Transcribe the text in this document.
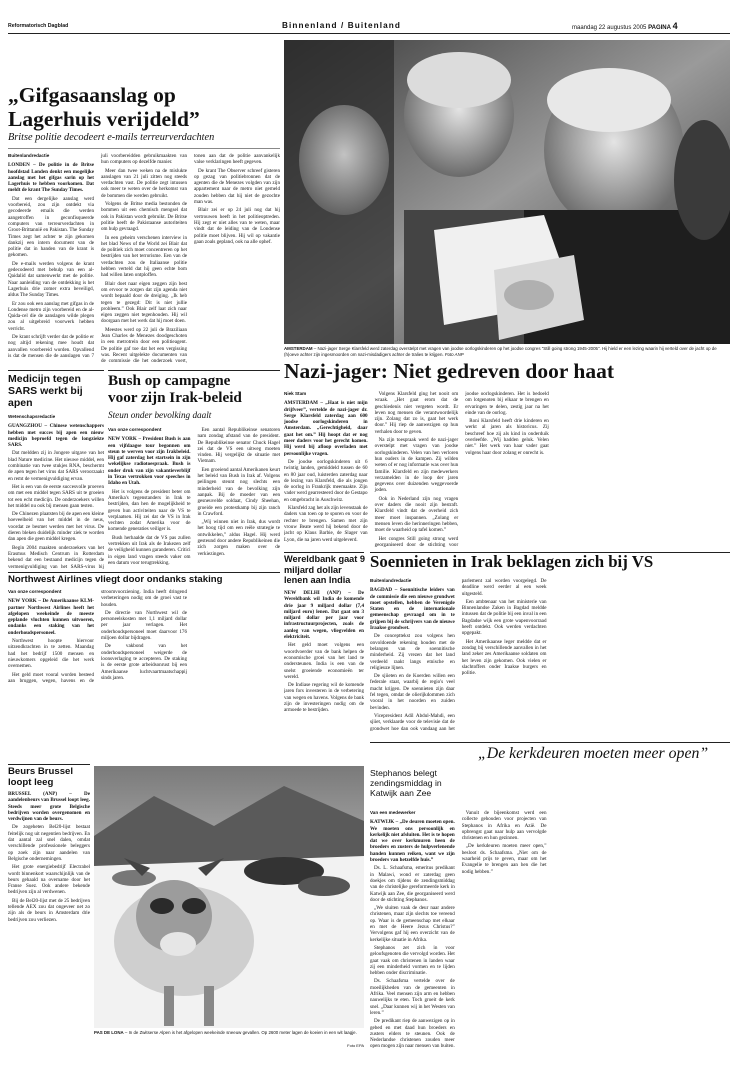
Reformatorisch Dagblad	Binnenland / Buitenland	maandag 22 augustus 2005 PAGINA 4
„Gifgasaanslag op
Lagerhuis verijdeld”
Britse politie decodeert e-mails terreurverdachten
Buitenlandredactie

LONDEN – De politie in de Britse hoofdstad Londen denkt een mogelijke aanslag met het gifgas sarin op het Lagerhuis te hebben voorkomen. Dat meldt de krant The Sunday Times.

Dat een dergelijke aanslag werd voorbereid, zou zijn ontdekt via gecodeerde emails die werden aangetroffen in geconfisqueerde computers van terreurverdachten in Groot-Brittannië en Pakistan. The Sunday Times zegt het achter te zijn gekomen dankzij een intern document van de politie dat in handen van de krant is gekomen.

De e-mails werden volgens de krant gedecodeerd met behulp van een al-Qaidalid dat samenwerkt met de politie. Naar aanleiding van de ontdekking is het Lagerhuis drie zomer extra beveiligd, aldus The Sunday Times.

Er zou ook een aanslag met gifgas in de Londense metro zijn voorbereid en de al-Qaida-cel die de aanslagen wilde plegen zou al uitgebreid voorwerk hebben verricht.

De krant schrijft verder dat de politie er nog altijd rekening mee houdt dat aanvallen voorbereid worden. Opvallend is dat de mensen die de aanslagen van 7 juli voorbereidden gebruikmaakten van hun computers op dezelfde manier.

Meer dan twee weken na de mislukte aanslagen van 21 juli zitten nog steeds verdachten vast. De politie zegt intussen ook meer te weten over de herkomst van de bommen die werden gebruikt.

Volgens de Britse media bestonden de bommen uit een chemisch mengsel dat ook in Pakistan wordt gebruikt. De Britse politie heeft de Pakistaanse autoriteiten om hulp gevraagd.

In een geheim verschenen interview in het blad News of the World zei Blair dat de politiek zich moet concentreren op het bestrijden van het terrorisme. Een van de verdachten zou de Italiaanse politie hebben verteld dat hij geen echte bom had willen laten ontploffen.

Blair doet naar eigen zeggen zijn best om ervoor te zorgen dat zijn agenda niet wordt bepaald door de dreiging. „Ik heb tegen te gezegd: Dit is niet jullie probleem.” Ook Blair zelf laat zich naar eigen zeggen niet tegenhouden. Hij wil doorgaan met het werk dat hij moet doen.

Meestes werd op 22 juli de Braziliaan Jean Charles de Menezes doodgeschoten in een metrotrein door een politieagent. De politie gaf toe dat het een vergissing was. Recent uitgelekte documenten van de commissie die het onderzoek voert, tonen aan dat de politie aanvankelijk valse verklaringen heeft gegeven.

De krant The Observer schreef gisteren op gezag van politiebronnen dat de agenten die de Menezes volgden van zijn appartement naar de metro niet gemeld zouden hebben dat hij niet de gezochte man was.

Blair zei er op 24 juli nog dat hij vertrouwen heeft in het politieoptreden. Hij zegt er niet alles van te weten, maar vindt dat de leiding van de Londense politie moet blijven. Hij wil op vakantie gaan zoals gepland, ook na alle ophef.

AMSTERDAM – Nazi-jager Serge Klarsfeld werd zaterdag overstelpt met vragen van joodse oorlogskinderen op het joodse congres "Still going strong 1945-2005". Hij hield er een lezing waarin hij verteld over de jacht op de (h)oeve achter zijn ingesmoorden om nazi-misdadigers achter de tralies te krijgen. Foto ANP
Nazi-jager: Niet gedreven door haat
Niek Stam

AMSTERDAM – „Haat is niet mijn drijfveer”, vertelde de nazi-jager dr. Serge Klarsfeld zaterdag aan 600 joodse oorlogskinderen in Amsterdam. „Gerechtigheid, daar gaat het om.” Hij hoopt dat er nog meer daders voor het gerecht komen. Hij werd bij afloop overladen met persoonlijke vragen.

De joodse oorlogskinderen uit 6 twintig landen, gemiddeld tussen de 60 en 80 jaar oud, luisterden zaterdag naar de lezing van Klarsfeld, die als jongen de oorlog in Frankrijk meemaakte. Zijn vader werd gearresteerd door de Gestapo en omgebracht in Auschwitz.

Klarsfeld zag het als zijn levenstaak de daders van toen op te sporen en voor de rechter te brengen. Samen met zijn vrouw Beate werd hij bekend door de jacht op Klaus Barbie, de Slager van Lyon, die na jaren werd uitgeleverd.

Volgens Klarsfeld ging het nooit om wraak. „Het gaat erom dat de geschiedenis niet vergeten wordt. Er leven nog mensen die verantwoordelijk zijn. Zolang dat zo is, gaat het werk door.” Hij riep de aanwezigen op hun verhalen door te geven.

Na zijn toespraak werd de nazi-jager overstelpt met vragen van joodse oorlogskinderen. Velen van hen verloren hun ouders in de kampen. Zij wilden weten of er nog informatie was over hun familie. Klarsfeld en zijn medewerkers verzamelden in de loop der jaren gegevens over duizenden weggevoerde joden.

Ook in Nederland zijn nog vragen over daders die nooit zijn bestraft. Klarsfeld vindt dat de overheid zich meer moet inspannen. „Zolang er mensen leven die herinneringen hebben, moet de waarheid op tafel komen.”

Het congres Still going strong werd georganiseerd door de stichting voor joodse oorlogskinderen. Het is bedoeld om lotgenoten bij elkaar te brengen en ervaringen te delen, zestig jaar na het einde van de oorlog.

Roni Klarsfeld heeft drie kinderen en werkt al jaren als historicus. Zij beschreef hoe zij als kind in onderduik overleefde. „Wij hadden geluk. Velen niet.” Het werk van haar vader gaat volgens haar door zolang er onrecht is.

Medicijn tegen SARS werkt bij apen
Wetenschapsredactie

GUANGZHOU – Chinese wetenschappers hebben met succes bij apen een nieuw medicijn beproefd tegen de longziekte SARS.

Dat meldden zij in Jongere uitgave van het blad Nature medicine. Het nieuwe middel, een combinatie van twee stukjes RNA, beschermt de apen tegen het virus dat SARS veroorzaakt en remt de vermenigvuldiging ervan.

Het is een van de eerste succesvolle proeven om met een middel tegen SARS uit te groeien tot een echt medicijn. De onderzoekers willen het middel nu ook bij mensen gaan testen.

De Chinezen plaatsten bij de apen een kleine hoeveelheid van het middel in de neus, voordat ze besmet werden met het virus. De dieren bleken duidelijk minder ziek te worden dan apen die geen middel kregen.

Begin 2004 maakten onderzoekers van het Erasmus Medisch Centrum in Rotterdam bekend dat een bestaand medicijn tegen de vermenigvuldiging van het SARS-virus bij

Bush op campagne
voor zijn Irak-beleid
Steun onder bevolking daalt
Van onze correspondent

NEW YORK – President Bush is aan een vijfdaagse tour begonnen om steun te werven voor zijn Irakbeleid. Hij gaf zaterdag het startsein in zijn wekelijkse radiotoespraak. Bush is onder druk van zijn vakantieverblijf in Texas vertrokken voor speeches in Idaho en Utah.

Het is volgens de president beter om Amerika's tegenstanders in Irak te bestrijden, dan hen de mogelijkheid te geven hun activiteiten naar de VS te verplaatsen. Hij zei dat de VS in Irak vechten zodat Amerika voor de komende generaties veiliger is.

Bush herhaalde dat de VS pas zullen vertrekken uit Irak als de Irakezen zelf de veiligheid kunnen garanderen. Critici in eigen land vragen steeds vaker om een datum voor terugtrekking.

Een aantal Republikeinse senatoren nam zondag afstand van de president. De Republikeinse senator Chuck Hagel zei dat de VS een uitweg moeten vinden. Hij vergelijkt de situatie met Vietnam.

Een groeiend aantal Amerikanen keurt het beleid van Bush in Irak af. Volgens peilingen steunt nog slechts een minderheid van de bevolking zijn aanpak. Bij de moeder van een gesneuvelde soldaat, Cindy Sheehan, groeide een protestkamp bij zijn ranch in Crawford.

„Wij winnen niet in Irak, dus wordt het hoog tijd om een reële strategie te ontwikkelen,” aldus Hagel. Hij werd gesteund door andere Republikeinen die zich zorgen maken over de verkiezingen.

Northwest Airlines vliegt door ondanks staking
Van onze correspondent

NEW YORK – De Amerikaanse KLM-partner Northwest Airlines heeft het afgelopen weekeinde de meeste geplande vluchten kunnen uitvoeren, ondanks een staking van het onderhoudspersoneel.

Northwest hoopte hiervoor uitzendkrachten in te zetten. Maandag had het bedrijf 1500 mensen en nieuwkomers opgeleid die het werk overnemen.

Het geld moet vooral worden besteed aan bruggen, wegen, havens en de stroomvoorziening. India heeft dringend verbeteringen nodig om de groei vast te houden.

De directie van Northwest wil de personeelskosten met 1,1 miljard dollar per jaar verlagen. Het onderhoudspersoneel moet daarvoor 176 miljoen dollar bijdragen.

De vakbond van het onderhoudspersoneel weigerde de loonsverlaging te accepteren. De staking is de eerste grote arbeidsonrust bij een Amerikaanse luchtvaartmaatschappij sinds jaren.

Wereldbank gaat 9 miljard dollar lenen aan India

NEW DELHI (ANP) – De Wereldbank wil India de komende drie jaar 9 miljard dollar (7,4 miljard euro) lenen. Dat gaat om 3 miljard dollar per jaar voor infrastructuurprojecten, zoals de aanleg van wegen, vliegvelden en elektriciteit.

Het geld moet volgens een woordvoerder van de bank helpen de economische groei van het land te ondersteunen. India is een van de snelst groeiende economieën ter wereld.

De Indiase regering wil de komende jaren fors investeren in de verbetering van wegen en havens. Volgens de bank zijn de investeringen nodig om de armoede te bestrijden.

Soennieten in Irak beklagen zich bij VS
Buitenlandredactie

BAGDAD – Soennitische leiders van de commissie die een nieuwe grondwet moet opstellen, hebben de Verenigde Staten en de internationale gemeenschap gevraagd om in te grijpen bij de schrijvers van de nieuwe Iraakse grondwet.

De concepttekst zou volgens hen onvoldoende rekening houden met de belangen van de soennitische minderheid. Zij vrezen dat het land verdeeld raakt langs etnische en religieuze lijnen.

De sjiieten en de Koerden willen een federale staat, waarbij de regio's veel macht krijgen. De soennieten zijn daar fel tegen, omdat de olierijkdommen zich vooral in het noorden en zuiden bevinden.

Vicepresident Adil Abdul-Mahdi, een sjiiet, verklaarde voor de televisie dat de grondwet hoe dan ook vandaag aan het parlement zal worden voorgelegd. De deadline werd eerder al een week uitgesteld.

Een ambtenaar van het ministerie van Binnenlandse Zaken in Bagdad meldde intussen dat de politie bij een inval in een Bagdadse wijk een grote wapenvoorraad heeft ontdekt. Ook werden verdachten opgepakt.

Het Amerikaanse leger meldde dat er zondag bij verschillende aanvallen in het land zeker zes Amerikaanse soldaten om het leven zijn gekomen. Ook vielen er slachtoffers onder Iraakse burgers en politie.

„De kerkdeuren moeten meer open”
Beurs Brussel
loopt leeg

BRUSSEL (ANP) – De aandelenbeurs van Brussel loopt leeg. Steeds meer grote Belgische bedrijven worden overgenomen en verdwijnen van de beurs.

De zogeheten Bel20-lijst bestaat feitelijk nog uit negentien bedrijven. En dat aantal zal snel dalen, omdat verschillende professionele beleggers op zoek zijn naar aandelen van Belgische ondernemingen.

Het grote energiebedrijf Electrabel wordt binnenkort waarschijnlijk van de beurs gehaald na overname door het Franse Suez. Ook andere bekende bedrijven zijn al verdwenen.

Bij de Bel20-lijst met de 25 bedrijven tellende AEX zou dat ongeveer net zo zijn als de beurs in Amsterdam drie bedrijven zou verliezen.

PAS DE LONA – In de Zwitserse Alpen is het afgelopen weekeinde sneeuw gevallen. Op 2600 meter lagen de koeien in een wit laagje.
Foto EPA
Stephanos belegt zendingsmiddag in Katwijk aan Zee
Van een medewerker

KATWIJK – „De deuren moeten open. We moeten ons persoonlijk en kerkelijk niet afsluiten. Het is te hopen dat we over kerkmuren heen de broeders en zusters de hulpverlenende handen kunnen reiken, want we zijn broeders van hetzelfde huis.”

Ds. L. Schaafsma, emeritus predikant in Malawi, wond er zaterdag geen doekjes om tijdens de zendingsmiddag van de christelijke gereformeerde kerk in Katwijk aan Zee, die georganiseerd werd door de stichting Stephanos.

„We sluiten vaak de deur naar andere christenen, maar zijn slechts toe vereend op. Waar is de gemeenschap met elkaar en met de Heere Jezus Christus?” Vervolgens gaf hij een overzicht van de kerkelijke situatie in Afrika.

Stephanos zet zich in voor geloofsgenoten die vervolgd worden. Het gaat vaak om christenen in landen waar zij een minderheid vormen en te lijden hebben onder discriminatie.

Ds. Schaafsma vertelde over de moeilijkheden van de gemeenten in Afrika. Veel mensen zijn arm en hebben nauwelijks te eten. Toch groeit de kerk snel. „Daar kunnen wij in het Westen van leren.”

De predikant riep de aanwezigen op in gebed en met daad hun broeders en zusters elders te steunen. Ook de Nederlandse christenen zouden meer open mogen zijn naar mensen van buiten.

Vanuit de bijeenkomst werd een collecte gehouden voor projecten van Stephanos in Afrika en Azië. De opbrengst gaat naar hulp aan vervolgde christenen en hun gezinnen.

„De kerkdeuren moeten meer open,” besloot ds. Schaafsma. „Niet om de waarheid prijs te geven, maar om het Evangelie te brengen aan hen die het nodig hebben.”
